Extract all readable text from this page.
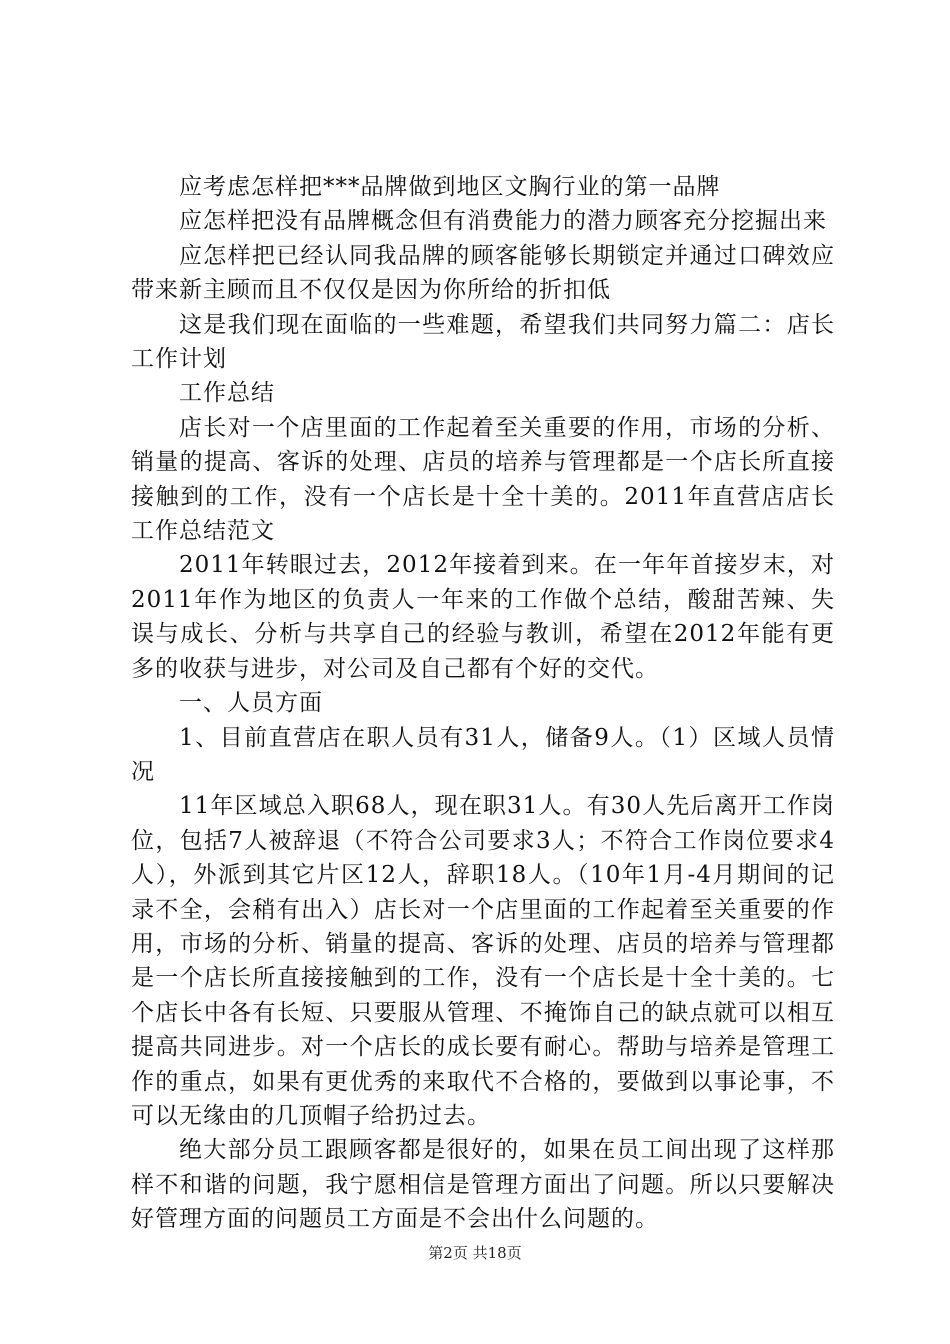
应考虑怎样把***品牌做到地区文胸行业的第一品牌

应怎样把没有品牌概念但有消费能力的潜力顾客充分挖掘出来

应怎样把已经认同我品牌的顾客能够长期锁定并通过口碑效应带来新主顾而且不仅仅是因为你所给的折扣低

这是我们现在面临的一些难题，希望我们共同努力篇二：店长工作计划

工作总结

店长对一个店里面的工作起着至关重要的作用，市场的分析、销量的提高、客诉的处理、店员的培养与管理都是一个店长所直接接触到的工作，没有一个店长是十全十美的。2011年直营店店长工作总结范文

2011年转眼过去，2012年接着到来。在一年年首接岁末，对2011年作为地区的负责人一年来的工作做个总结，酸甜苦辣、失误与成长、分析与共享自己的经验与教训，希望在2012年能有更多的收获与进步，对公司及自己都有个好的交代。

一、人员方面

1、目前直营店在职人员有31人，储备9人。（1）区域人员情况

11年区域总入职68人，现在职31人。有30人先后离开工作岗位，包括7人被辞退（不符合公司要求3人；不符合工作岗位要求4人），外派到其它片区12人，辞职18人。（10年1月-4月期间的记录不全，会稍有出入）店长对一个店里面的工作起着至关重要的作用，市场的分析、销量的提高、客诉的处理、店员的培养与管理都是一个店长所直接接触到的工作，没有一个店长是十全十美的。七个店长中各有长短、只要服从管理、不掩饰自己的缺点就可以相互提高共同进步。对一个店长的成长要有耐心。帮助与培养是管理工作的重点，如果有更优秀的来取代不合格的，要做到以事论事，不可以无缘由的几顶帽子给扔过去。

绝大部分员工跟顾客都是很好的，如果在员工间出现了这样那样不和谐的问题，我宁愿相信是管理方面出了问题。所以只要解决好管理方面的问题员工方面是不会出什么问题的。

第2页 共18页
